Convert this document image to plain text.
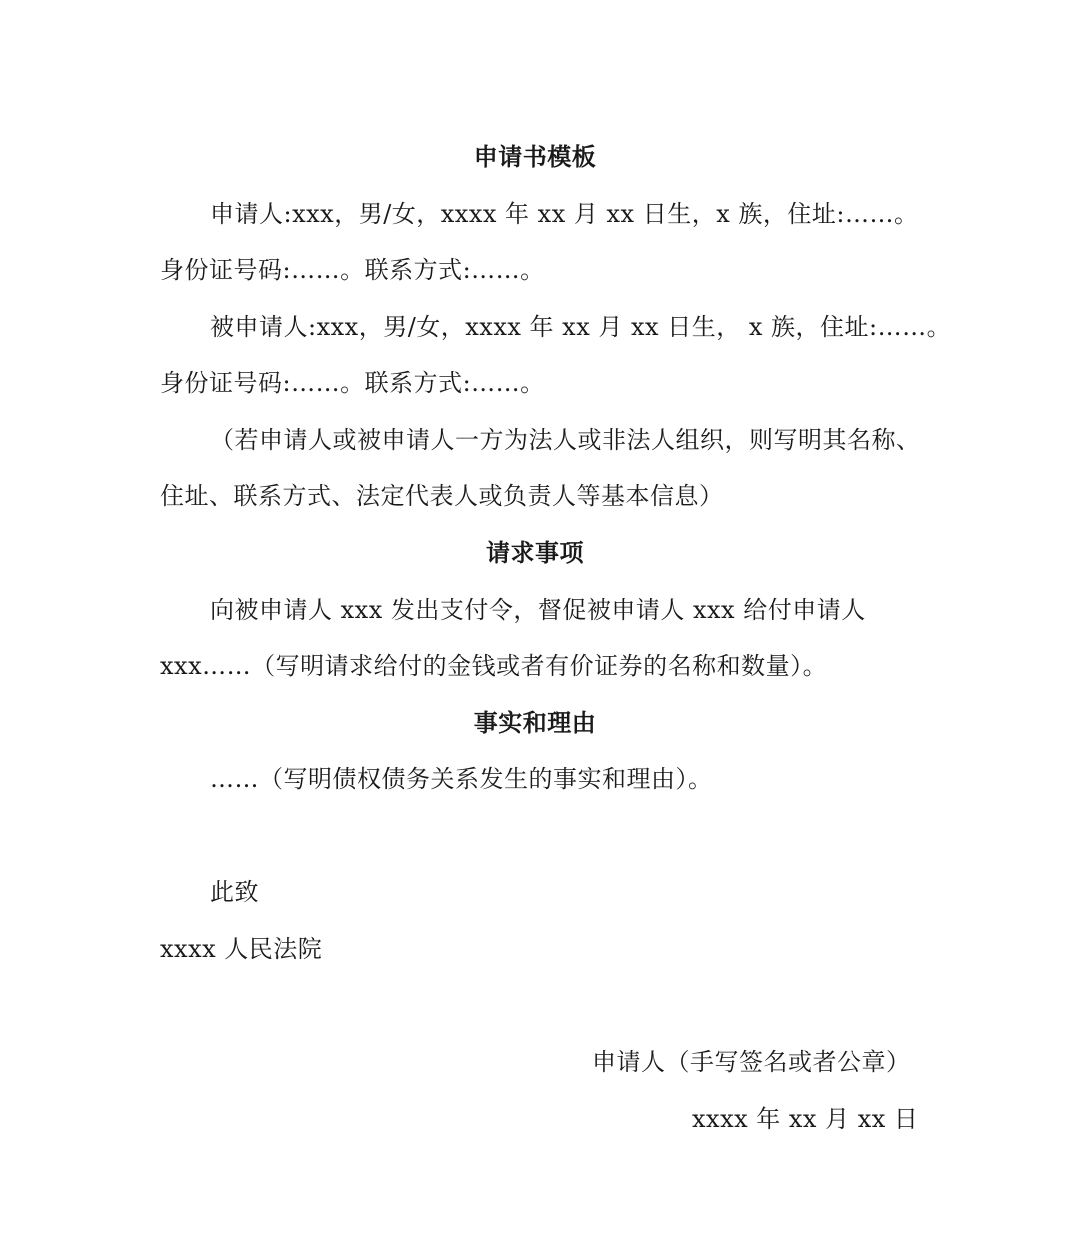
申请书模板
申请人:xxx，男/女，xxxx 年 xx 月 xx 日生，x 族，住址:……。
身份证号码:……。联系方式:……。
被申请人:xxx，男/女，xxxx 年 xx 月 xx 日生， x 族，住址:……。
身份证号码:……。联系方式:……。
（若申请人或被申请人一方为法人或非法人组织，则写明其名称、
住址、联系方式、法定代表人或负责人等基本信息）
请求事项
向被申请人 xxx 发出支付令，督促被申请人 xxx 给付申请人
xxx……（写明请求给付的金钱或者有价证券的名称和数量）。
事实和理由
……（写明债权债务关系发生的事实和理由）。
此致
xxxx 人民法院
申请人（手写签名或者公章）
xxxx 年 xx 月 xx 日
